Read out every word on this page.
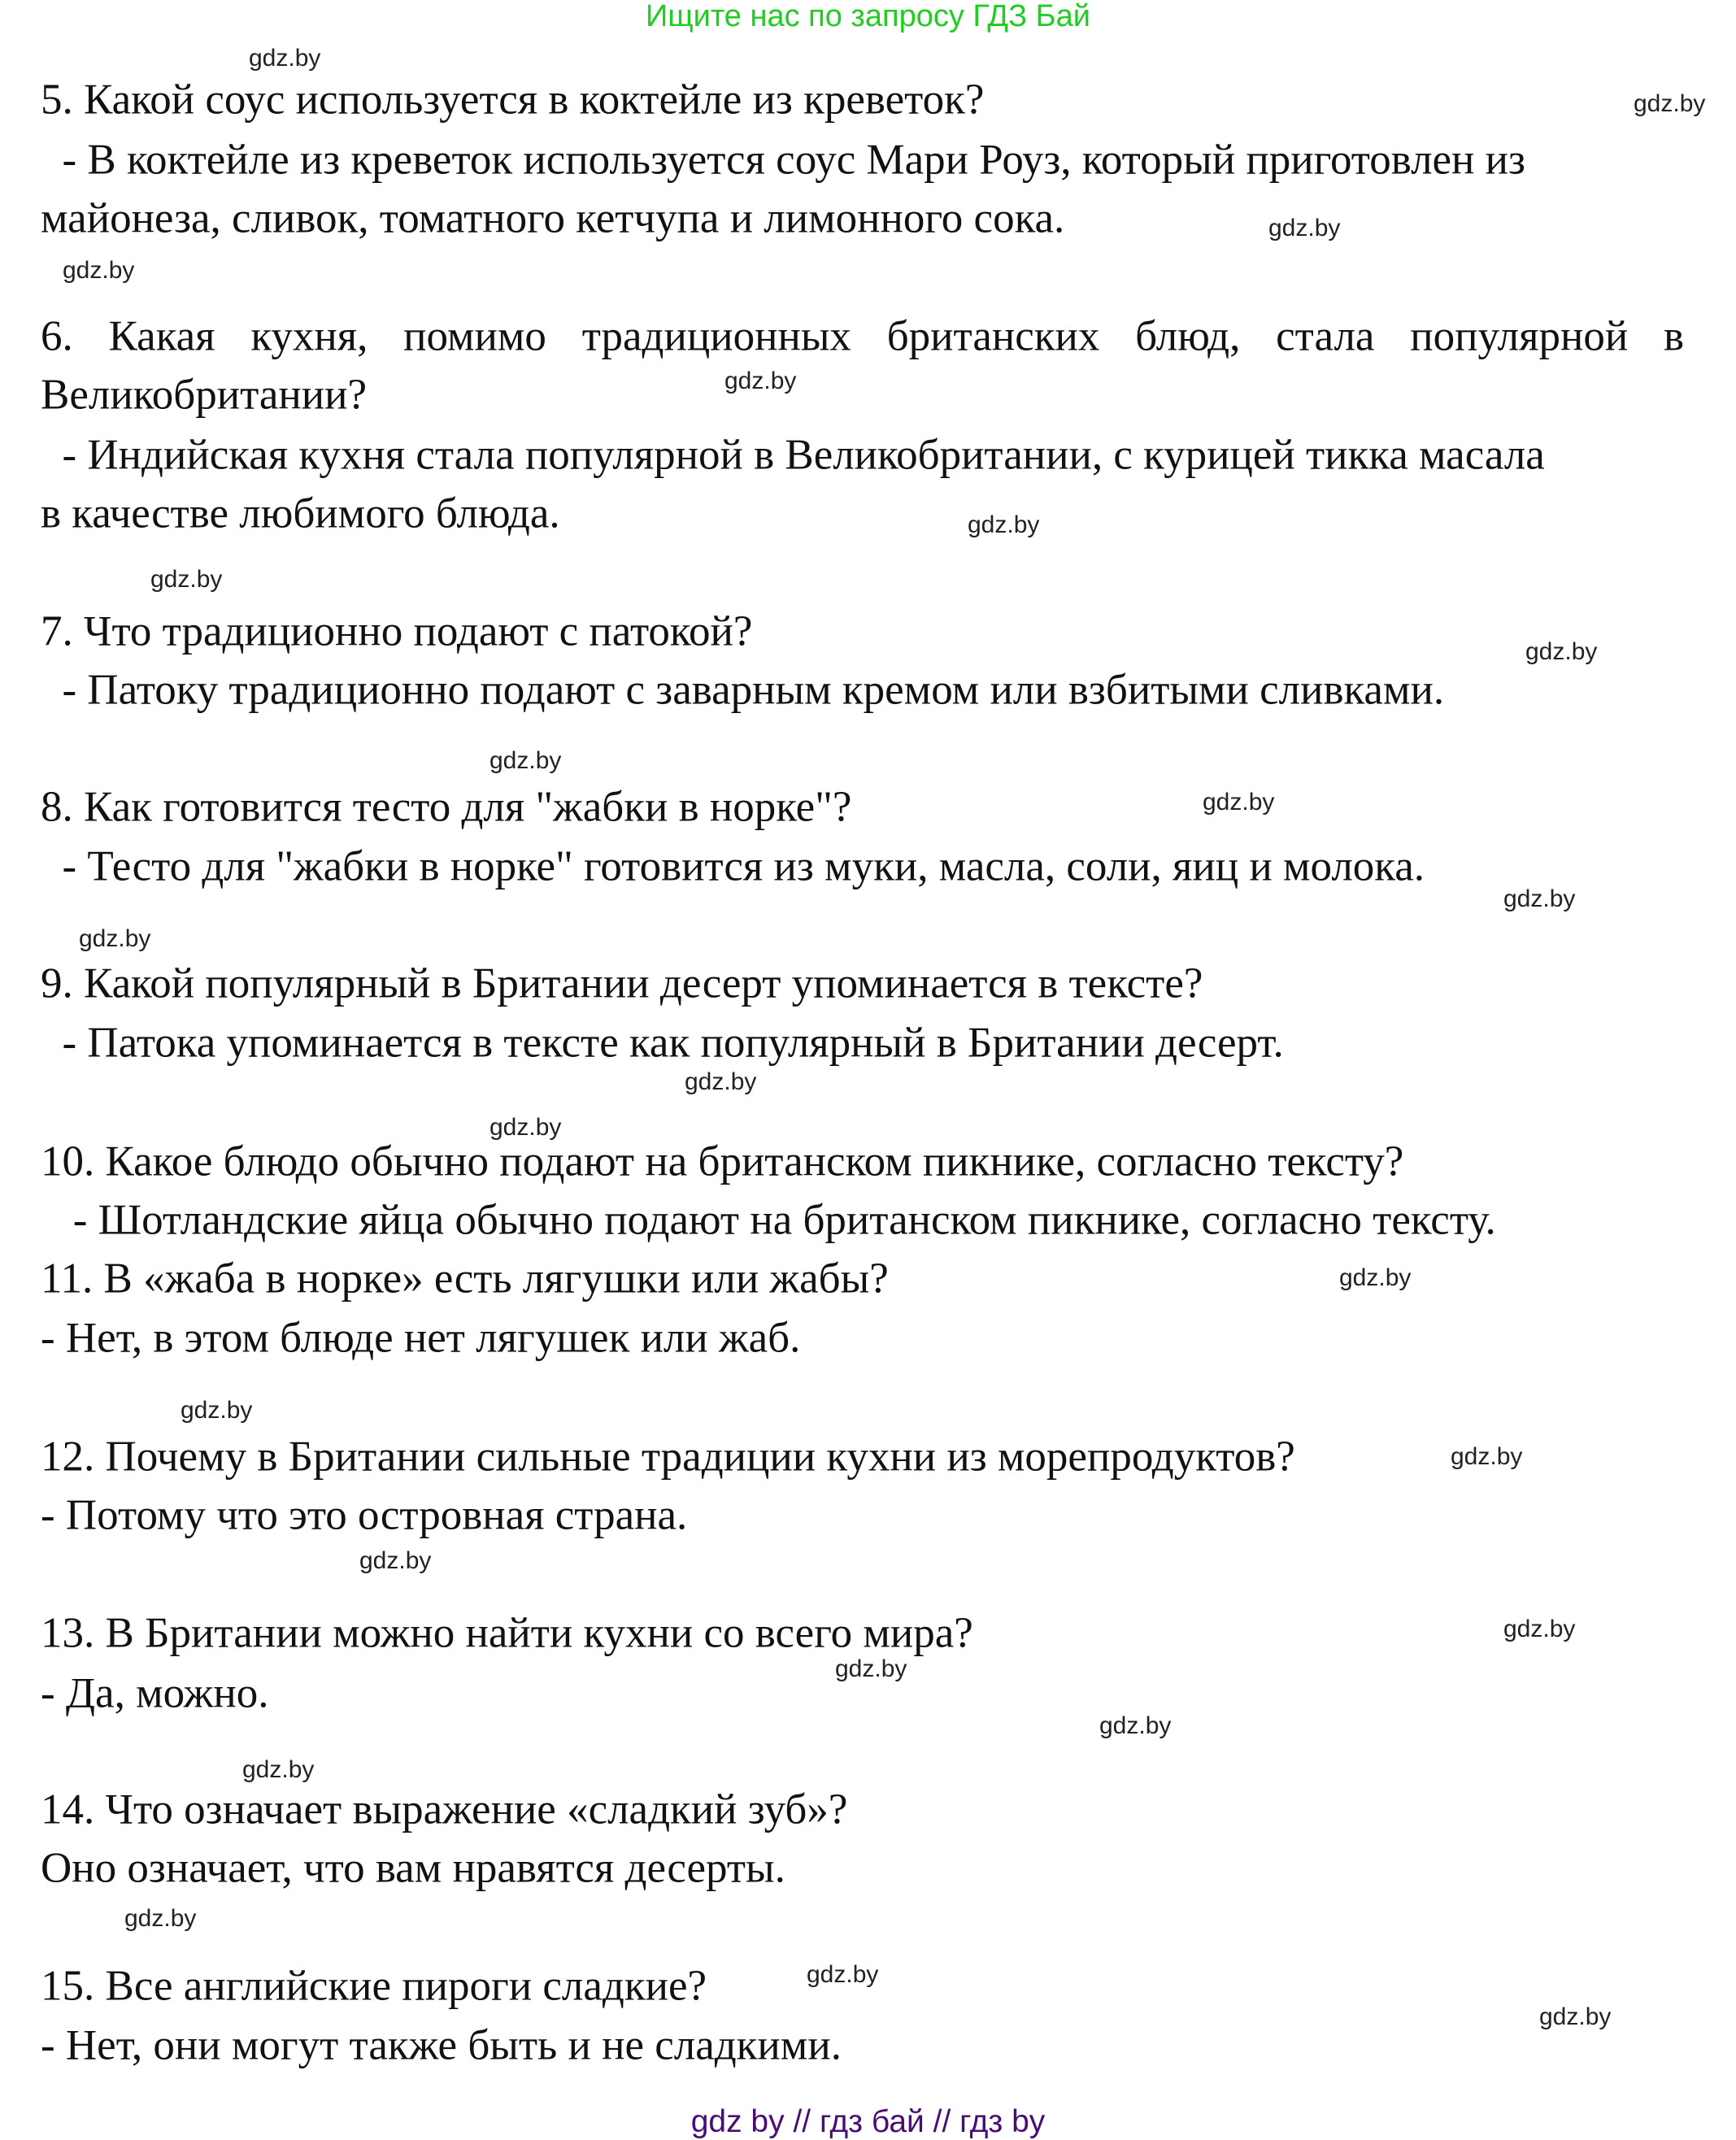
Ищите нас по запросу ГДЗ Бай
5. Какой соус используется в коктейле из креветок?
- В коктейле из креветок используется соус Мари Роуз, который приготовлен из
майонеза, сливок, томатного кетчупа и лимонного сока.
6. Какая кухня, помимо традиционных британских блюд, стала популярной в
Великобритании?
- Индийская кухня стала популярной в Великобритании, с курицей тикка масала
в качестве любимого блюда.
7. Что традиционно подают с патокой?
- Патоку традиционно подают с заварным кремом или взбитыми сливками.
8. Как готовится тесто для "жабки в норке"?
- Тесто для "жабки в норке" готовится из муки, масла, соли, яиц и молока.
9. Какой популярный в Британии десерт упоминается в тексте?
- Патока упоминается в тексте как популярный в Британии десерт.
10. Какое блюдо обычно подают на британском пикнике, согласно тексту?
- Шотландские яйца обычно подают на британском пикнике, согласно тексту.
11. В «жаба в норке» есть лягушки или жабы?
- Нет, в этом блюде нет лягушек или жаб.
12. Почему в Британии сильные традиции кухни из морепродуктов?
- Потому что это островная страна.
13. В Британии можно найти кухни со всего мира?
- Да, можно.
14. Что означает выражение «сладкий зуб»?
Оно означает, что вам нравятся десерты.
15. Все английские пироги сладкие?
- Нет, они могут также быть и не сладкими.
gdz.by
gdz.by
gdz.by
gdz.by
gdz.by
gdz.by
gdz.by
gdz.by
gdz.by
gdz.by
gdz.by
gdz.by
gdz.by
gdz.by
gdz.by
gdz.by
gdz.by
gdz.by
gdz.by
gdz.by
gdz.by
gdz.by
gdz.by
gdz.by
gdz.by
gdz by // гдз бай // гдз by
